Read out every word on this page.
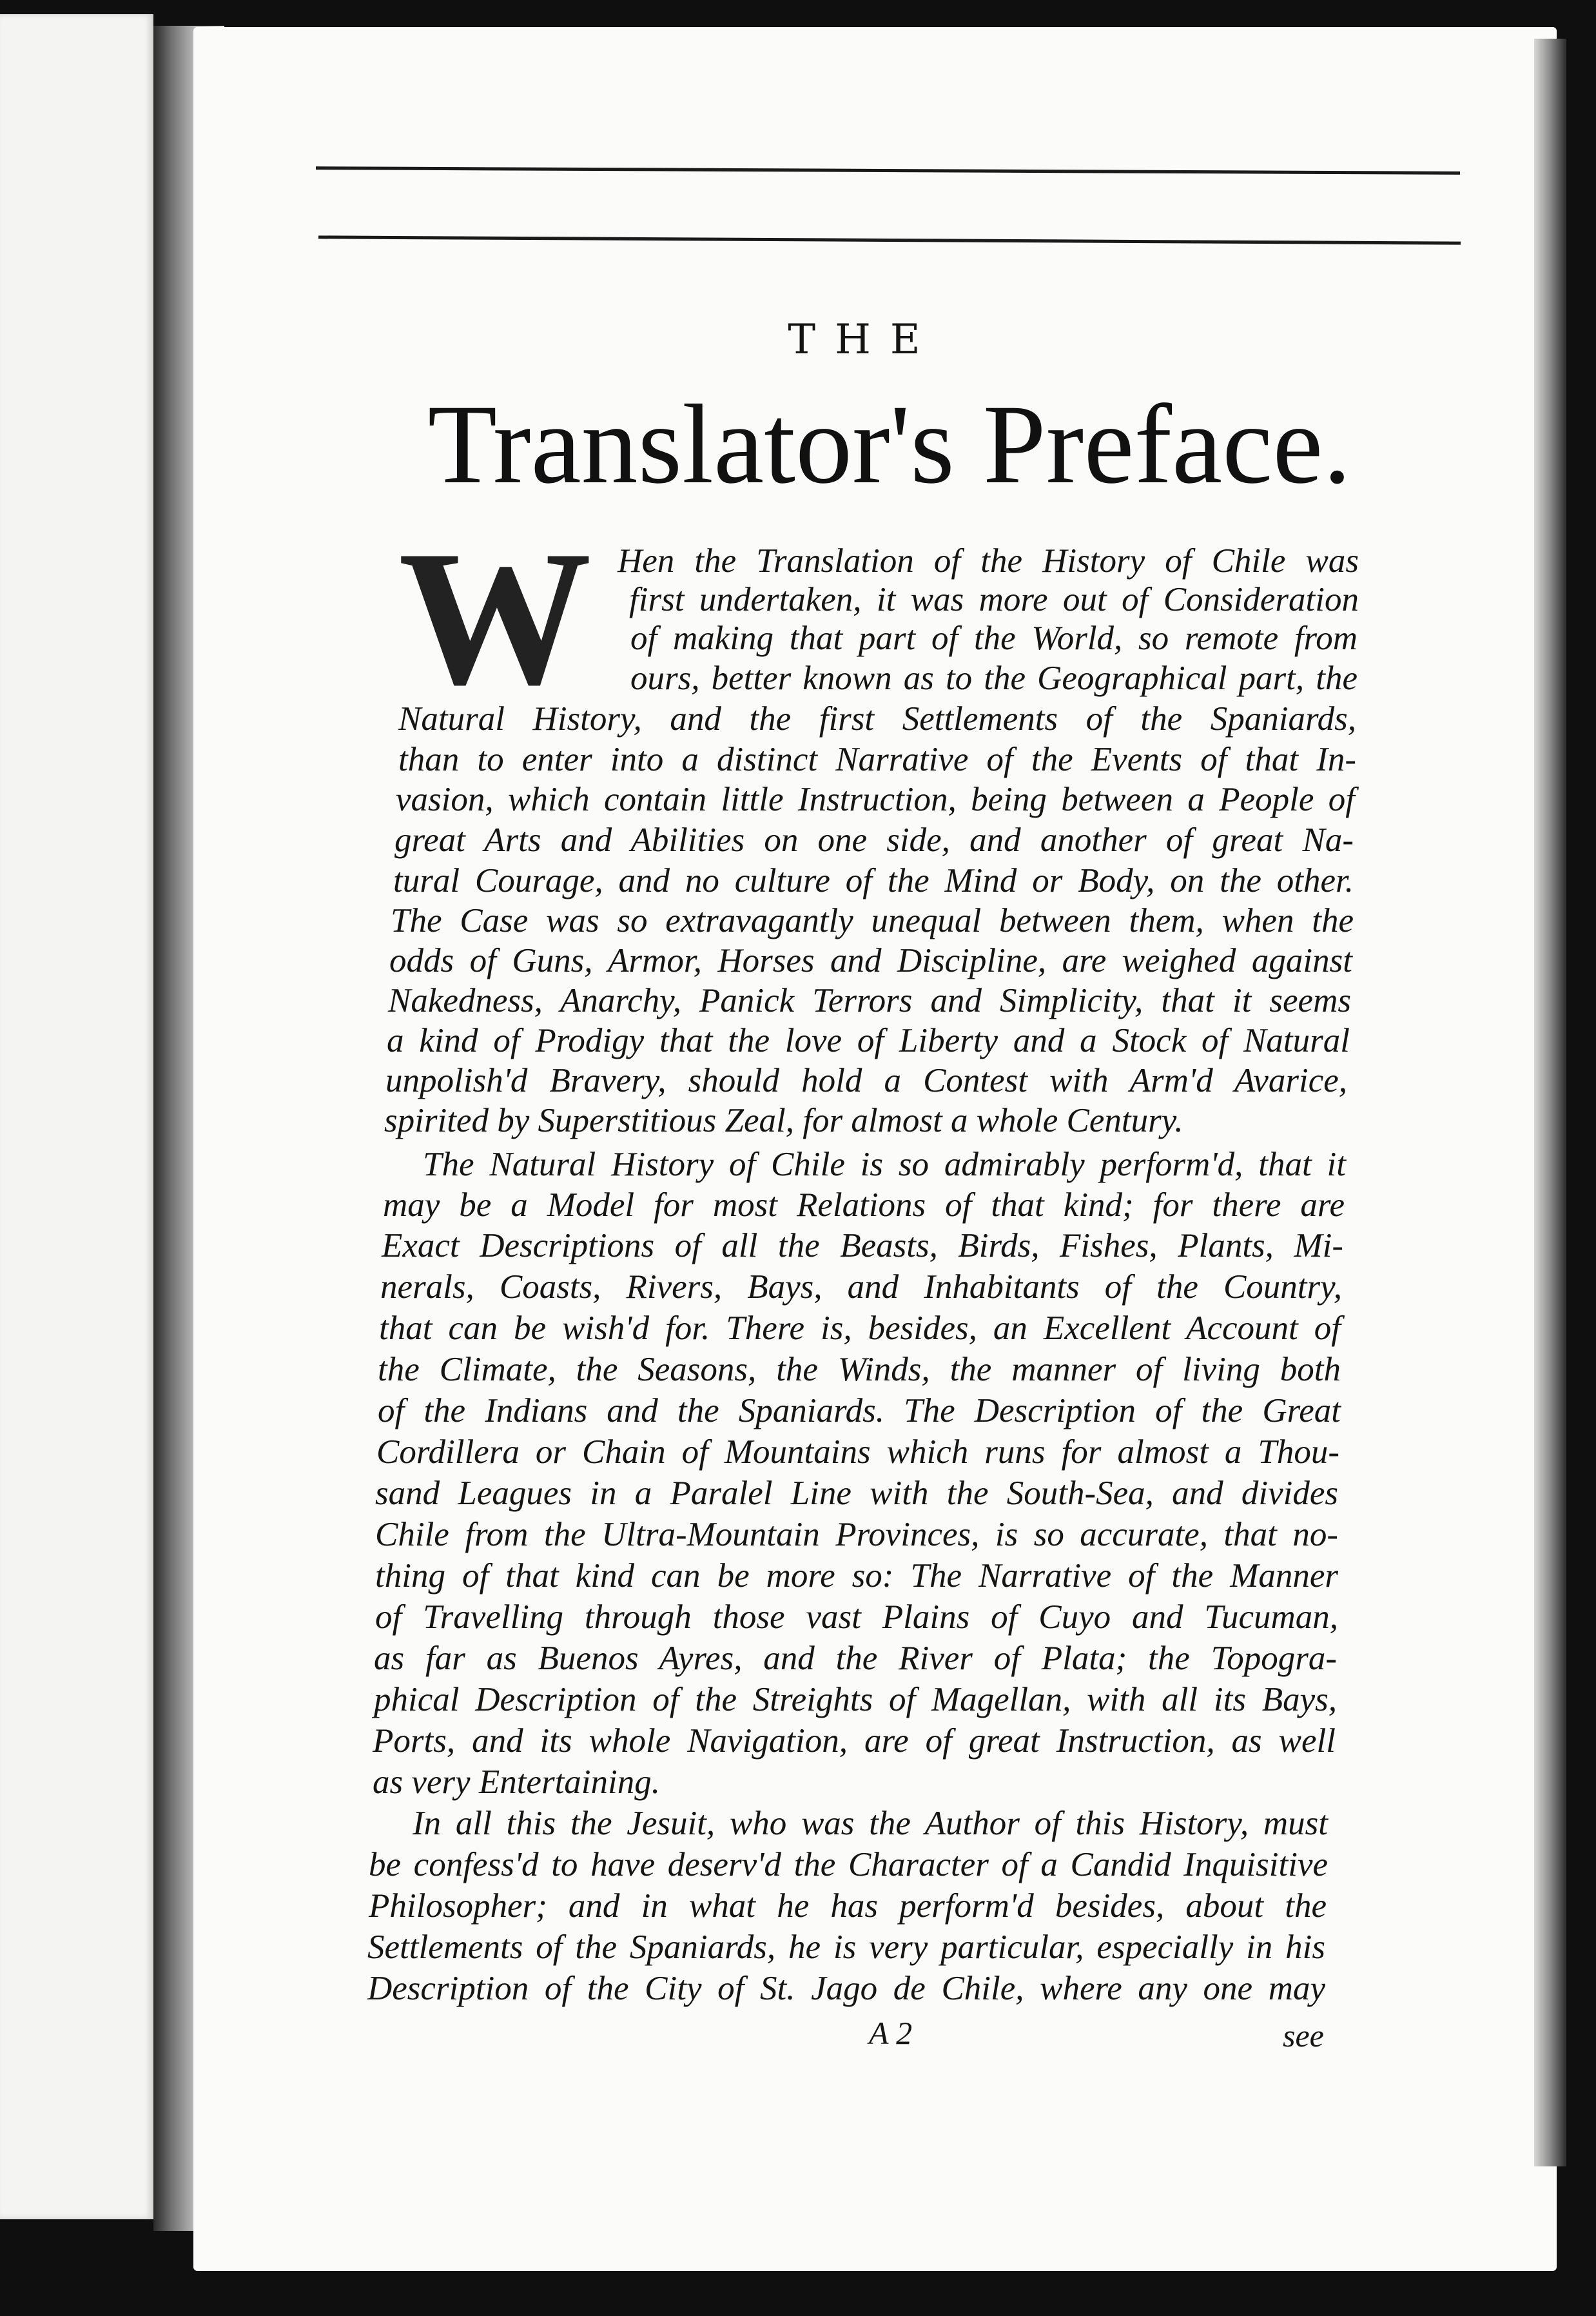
THE
Translator's Preface.
W Hen the Translation of the History of Chile was
first undertaken, it was more out of Consideration
of making that part of the World, so remote from
ours, better known as to the Geographical part, the
Natural History, and the first Settlements of the Spaniards,
than to enter into a distinct Narrative of the Events of that In-
vasion, which contain little Instruction, being between a People of
great Arts and Abilities on one side, and another of great Na-
tural Courage, and no culture of the Mind or Body, on the other.
The Case was so extravagantly unequal between them, when the
odds of Guns, Armor, Horses and Discipline, are weighed against
Nakedness, Anarchy, Panick Terrors and Simplicity, that it seems
a kind of Prodigy that the love of Liberty and a Stock of Natural
unpolish'd Bravery, should hold a Contest with Arm'd Avarice,
spirited by Superstitious Zeal, for almost a whole Century.
The Natural History of Chile is so admirably perform'd, that it
may be a Model for most Relations of that kind; for there are
Exact Descriptions of all the Beasts, Birds, Fishes, Plants, Mi-
nerals, Coasts, Rivers, Bays, and Inhabitants of the Country,
that can be wish'd for. There is, besides, an Excellent Account of
the Climate, the Seasons, the Winds, the manner of living both
of the Indians and the Spaniards. The Description of the Great
Cordillera or Chain of Mountains which runs for almost a Thou-
sand Leagues in a Paralel Line with the South-Sea, and divides
Chile from the Ultra-Mountain Provinces, is so accurate, that no-
thing of that kind can be more so: The Narrative of the Manner
of Travelling through those vast Plains of Cuyo and Tucuman,
as far as Buenos Ayres, and the River of Plata; the Topogra-
phical Description of the Streights of Magellan, with all its Bays,
Ports, and its whole Navigation, are of great Instruction, as well
as very Entertaining.
In all this the Jesuit, who was the Author of this History, must
be confess'd to have deserv'd the Character of a Candid Inquisitive
Philosopher; and in what he has perform'd besides, about the
Settlements of the Spaniards, he is very particular, especially in his
Description of the City of St. Jago de Chile, where any one may
A 2	see
